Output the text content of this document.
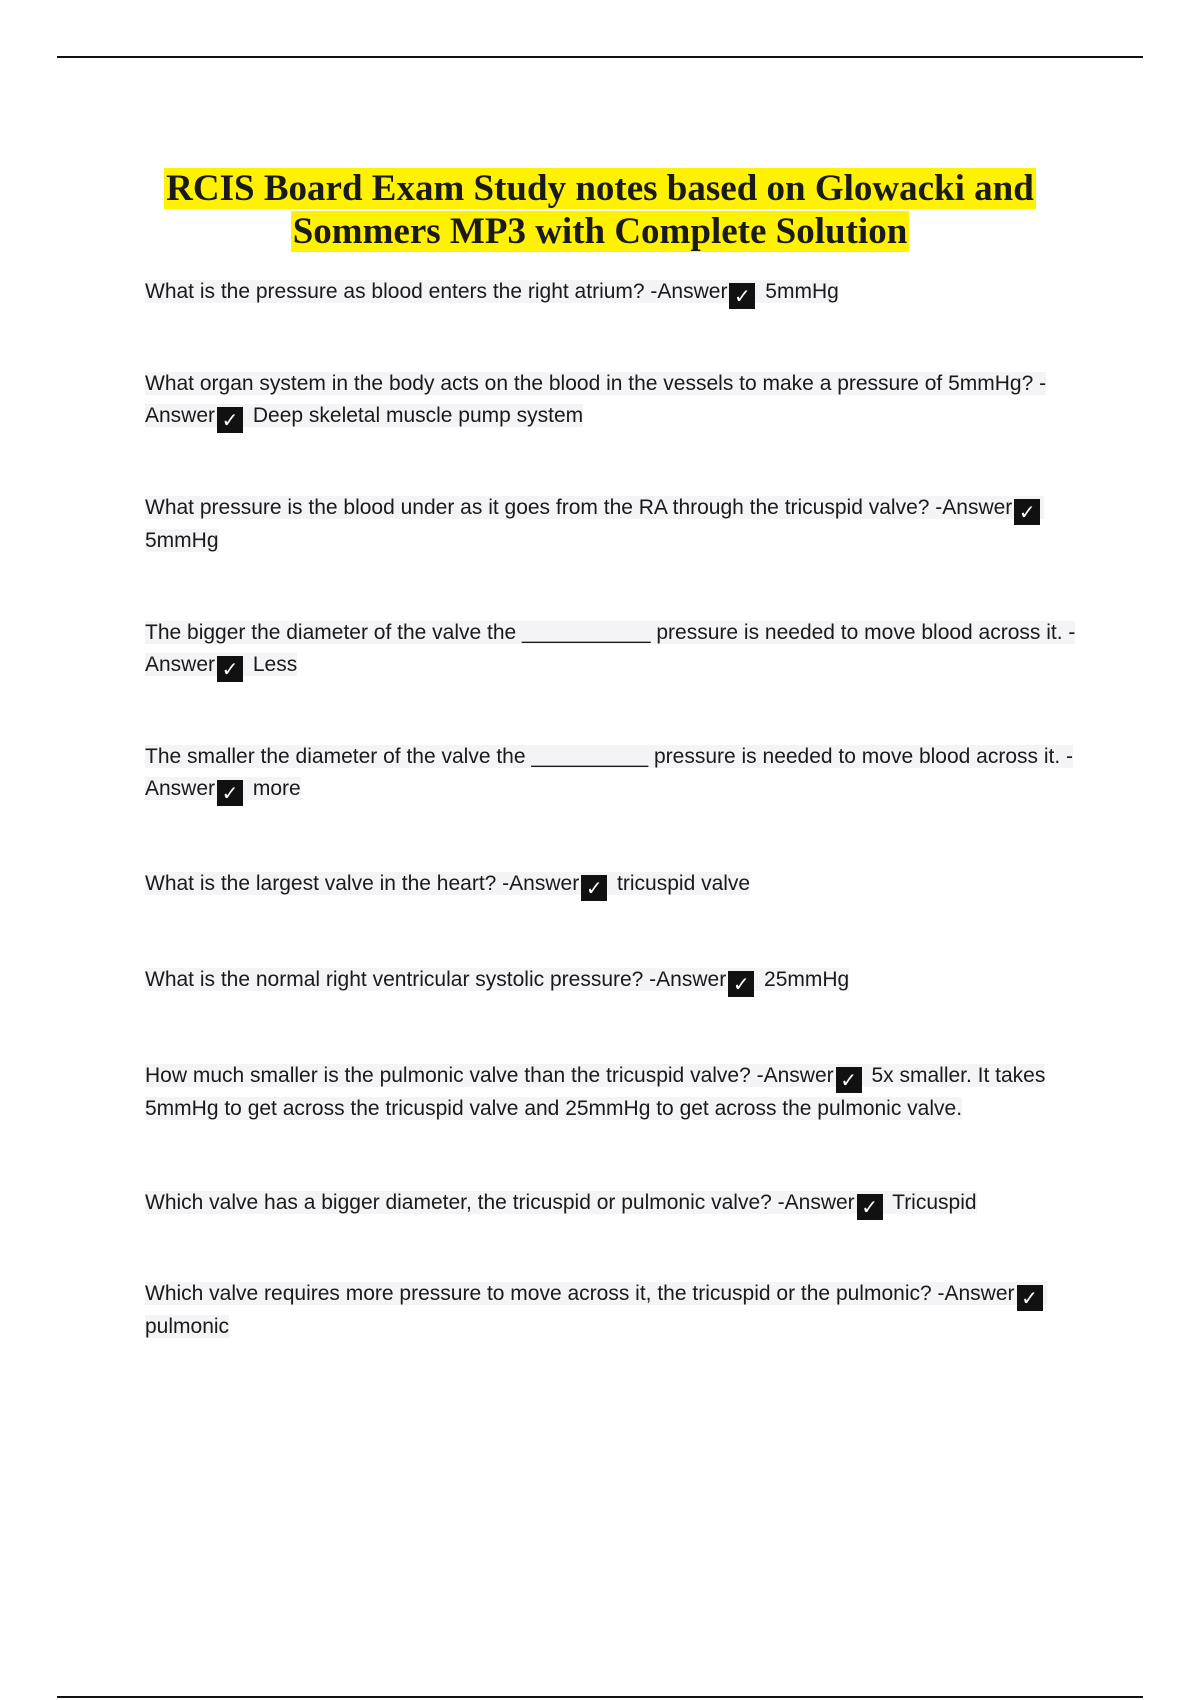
RCIS Board Exam Study notes based on Glowacki and
Sommers MP3 with Complete Solution

What is the pressure as blood enters the right atrium? -Answer ✓ 5mmHg

What organ system in the body acts on the blood in the vessels to make a pressure of 5mmHg? -Answer ✓ Deep skeletal muscle pump system

What pressure is the blood under as it goes from the RA through the tricuspid valve? -Answer ✓ 5mmHg

The bigger the diameter of the valve the ___________ pressure is needed to move blood across it. -Answer ✓ Less

The smaller the diameter of the valve the __________ pressure is needed to move blood across it. -Answer ✓ more

What is the largest valve in the heart? -Answer ✓ tricuspid valve

What is the normal right ventricular systolic pressure? -Answer ✓ 25mmHg

How much smaller is the pulmonic valve than the tricuspid valve? -Answer ✓ 5x smaller. It takes 5mmHg to get across the tricuspid valve and 25mmHg to get across the pulmonic valve.

Which valve has a bigger diameter, the tricuspid or pulmonic valve? -Answer ✓ Tricuspid

Which valve requires more pressure to move across it, the tricuspid or the pulmonic? -Answer ✓ pulmonic
